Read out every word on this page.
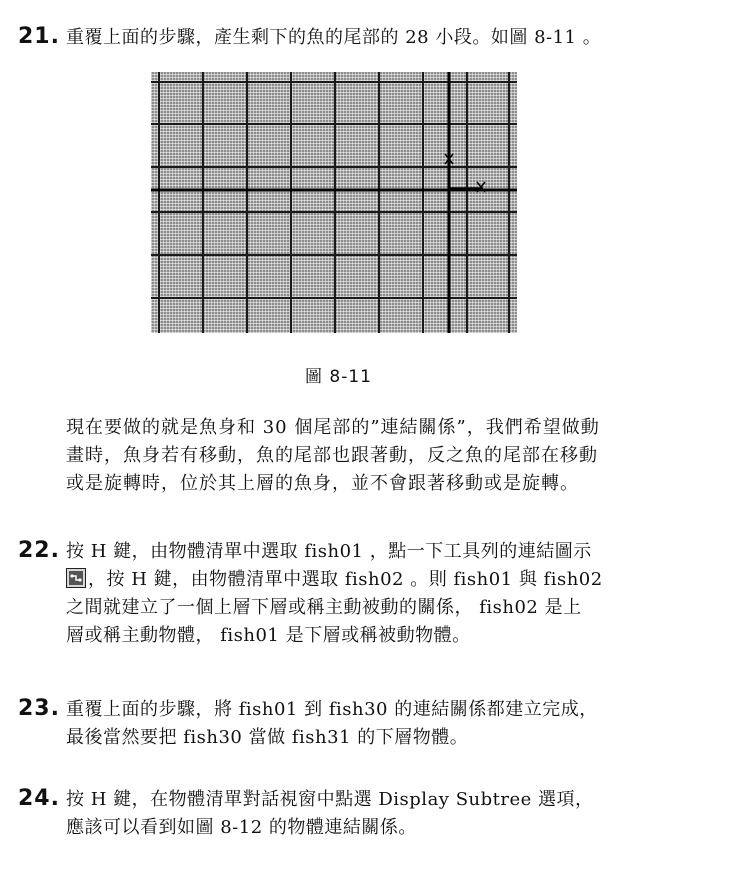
21. 重覆上面的步驟，產生剩下的魚的尾部的 28 小段。如圖 8-11 。
圖 8-11
現在要做的就是魚身和 30 個尾部的”連結關係”，我們希望做動
畫時，魚身若有移動，魚的尾部也跟著動，反之魚的尾部在移動
或是旋轉時，位於其上層的魚身，並不會跟著移動或是旋轉。
22. 按 H 鍵，由物體清單中選取 fish01 ，點一下工具列的連結圖示
，按 H 鍵，由物體清單中選取 fish02 。則 fish01 與 fish02
之間就建立了一個上層下層或稱主動被動的關係， fish02 是上
層或稱主動物體， fish01 是下層或稱被動物體。
23. 重覆上面的步驟，將 fish01 到 fish30 的連結關係都建立完成，
最後當然要把 fish30 當做 fish31 的下層物體。
24. 按 H 鍵，在物體清單對話視窗中點選 Display Subtree 選項，
應該可以看到如圖 8-12 的物體連結關係。
